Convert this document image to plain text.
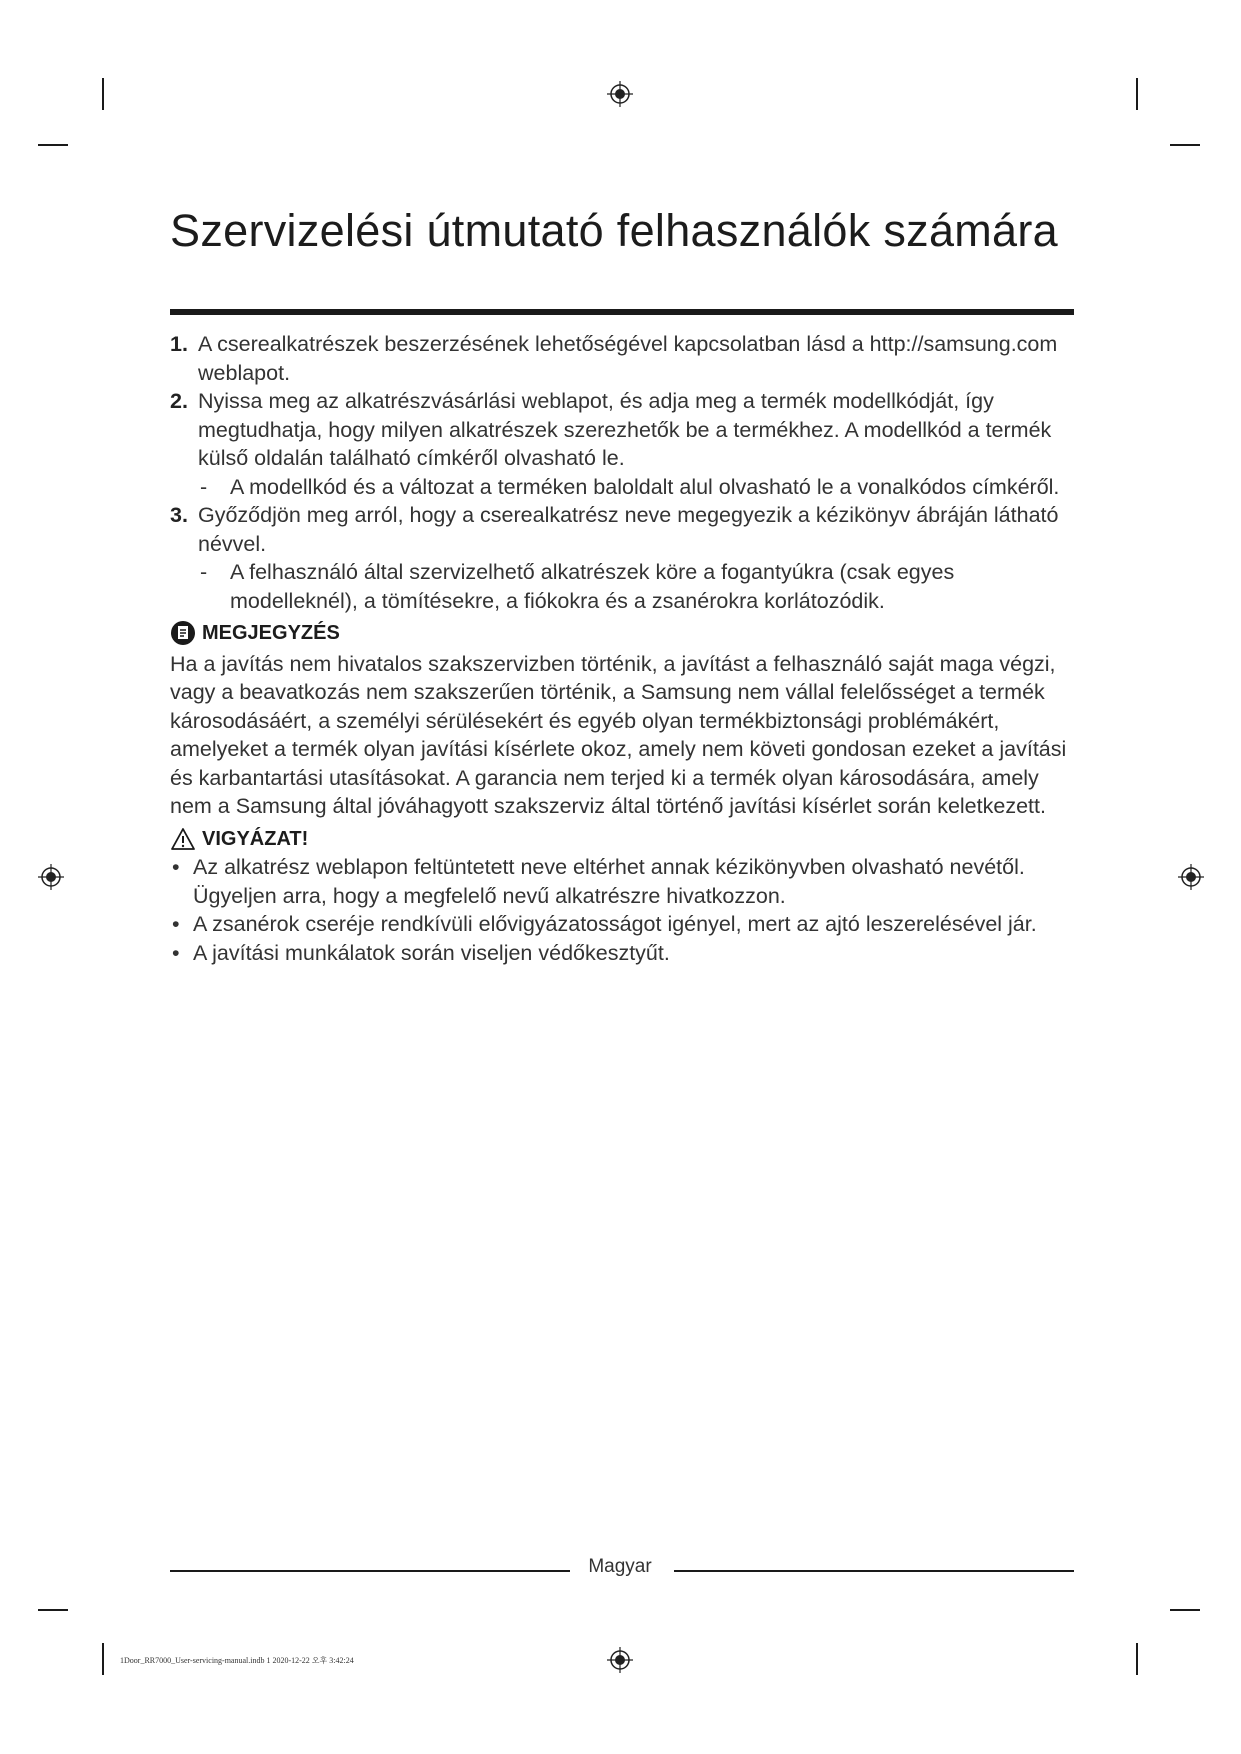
Szervizelési útmutató felhasználók számára
1. A cserealkatrészek beszerzésének lehetőségével kapcsolatban lásd a http://samsung.com weblapot.
2. Nyissa meg az alkatrészvásárlási weblapot, és adja meg a termék modellkódját, így megtudhatja, hogy milyen alkatrészek szerezhetők be a termékhez. A modellkód a termék külső oldalán található címkéről olvasható le.
- A modellkód és a változat a terméken baloldalt alul olvasható le a vonalkódos címkéről.
3. Győződjön meg arról, hogy a cserealkatrész neve megegyezik a kézikönyv ábráján látható névvel.
- A felhasználó által szervizelhető alkatrészek köre a fogantyúkra (csak egyes modelleknél), a tömítésekre, a fiókokra és a zsanérokra korlátozódik.
MEGJEGYZÉS
Ha a javítás nem hivatalos szakszervizben történik, a javítást a felhasználó saját maga végzi, vagy a beavatkozás nem szakszerűen történik, a Samsung nem vállal felelősséget a termék károsodásáért, a személyi sérülésekért és egyéb olyan termékbiztonsági problémákért, amelyeket a termék olyan javítási kísérlete okoz, amely nem követi gondosan ezeket a javítási és karbantartási utasításokat. A garancia nem terjed ki a termék olyan károsodására, amely nem a Samsung által jóváhagyott szakszerviz által történő javítási kísérlet során keletkezett.
VIGYÁZAT!
• Az alkatrész weblapon feltüntetett neve eltérhet annak kézikönyvben olvasható nevétől. Ügyeljen arra, hogy a megfelelő nevű alkatrészre hivatkozzon.
• A zsanérok cseréje rendkívüli elővigyázatosságot igényel, mert az ajtó leszerelésével jár.
• A javítási munkálatok során viseljen védőkesztyűt.
Magyar
1Door_RR7000_User-servicing-manual.indb 1 2020-12-22 오후 3:42:24
